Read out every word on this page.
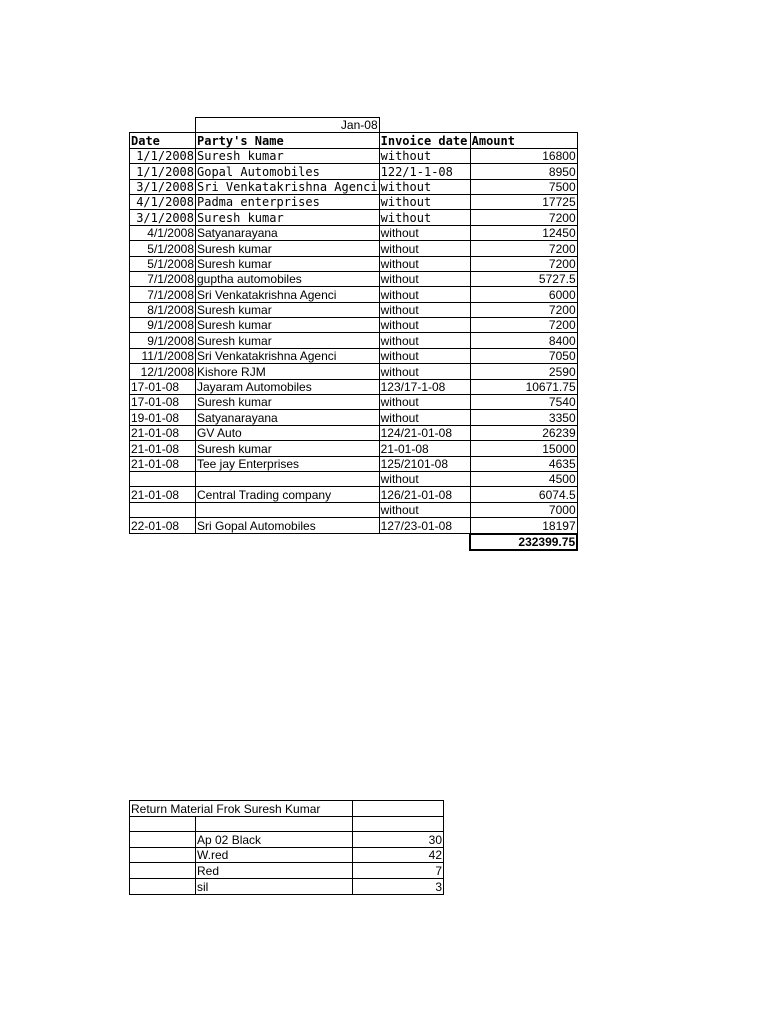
	Jan-08		
Date	Party's Name	Invoice date	Amount
1/1/2008	Suresh kumar	without	16800
1/1/2008	Gopal Automobiles	122/1-1-08	8950
3/1/2008	Sri Venkatakrishna Agenci	without	7500
4/1/2008	Padma enterprises	without	17725
3/1/2008	Suresh kumar	without	7200
4/1/2008	Satyanarayana	without	12450
5/1/2008	Suresh kumar	without	7200
5/1/2008	Suresh kumar	without	7200
7/1/2008	guptha automobiles	without	5727.5
7/1/2008	Sri Venkatakrishna Agenci	without	6000
8/1/2008	Suresh kumar	without	7200
9/1/2008	Suresh kumar	without	7200
9/1/2008	Suresh kumar	without	8400
11/1/2008	Sri Venkatakrishna Agenci	without	7050
12/1/2008	Kishore RJM	without	2590
17-01-08	Jayaram Automobiles	123/17-1-08	10671.75
17-01-08	Suresh kumar	without	7540
19-01-08	Satyanarayana	without	3350
21-01-08	GV Auto	124/21-01-08	26239
21-01-08	Suresh kumar	21-01-08	15000
21-01-08	Tee jay Enterprises	125/2101-08	4635
		without	4500
21-01-08	Central Trading company	126/21-01-08	6074.5
		without	7000
22-01-08	Sri Gopal Automobiles	127/23-01-08	18197
			232399.75
Return Material Frok Suresh Kumar		

	Ap 02 Black	30
	W.red	42
	Red	7
	sil	3
